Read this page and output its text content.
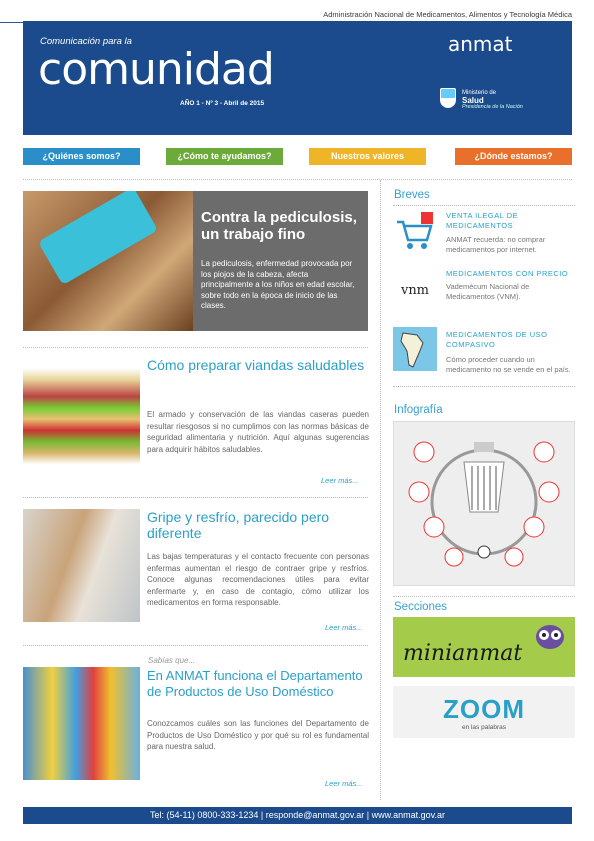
Administración Nacional de Medicamentos, Alimentos y Tecnología Médica
Comunicación para la
comunidad
AÑO 1 - Nº 3 - Abril de 2015
anmat
Ministerio de
Salud
Presidencia de la Nación
¿Quiénes somos?	¿Cómo te ayudamos?	Nuestros valores	¿Dónde estamos?
Contra la pediculosis, un trabajo fino
La pediculosis, enfermedad provocada por los piojos de la cabeza, afecta principalmente a los niños en edad escolar, sobre todo en la época de inicio de las clases.
Cómo preparar viandas saludables
El armado y conservación de las viandas caseras pueden resultar riesgosos si no cumplimos con las normas básicas de seguridad alimentaria y nutrición. Aquí algunas sugerencias para adquirir hábitos saludables.
Leer más...
Gripe y resfrío, parecido pero diferente
Las bajas temperaturas y el contacto frecuente con personas enfermas aumentan el riesgo de contraer gripe y resfríos. Conoce algunas recomendaciones útiles para evitar enfermarte y, en caso de contagio, cómo utilizar los medicamentos en forma responsable.
Leer más...
Sabías que...
En ANMAT funciona el Departamento de Productos de Uso Doméstico
Conozcamos cuáles son las funciones del Departamento de Productos de Uso Doméstico y por qué su rol es fundamental para nuestra salud.
Leer más...
Breves
VENTA ILEGAL DE MEDICAMENTOS
ANMAT recuerda: no comprar medicamentos por internet.
vnm
MEDICAMENTOS CON PRECIO
Vademécum Nacional de Medicamentos (VNM).
MEDICAMENTOS DE USO COMPASIVO
Cómo proceder cuando un medicamento no se vende en el país.
Infografía
Secciones
minianmat
ZOOM
en las palabras
Tel: (54-11) 0800-333-1234 | responde@anmat.gov.ar | www.anmat.gov.ar
